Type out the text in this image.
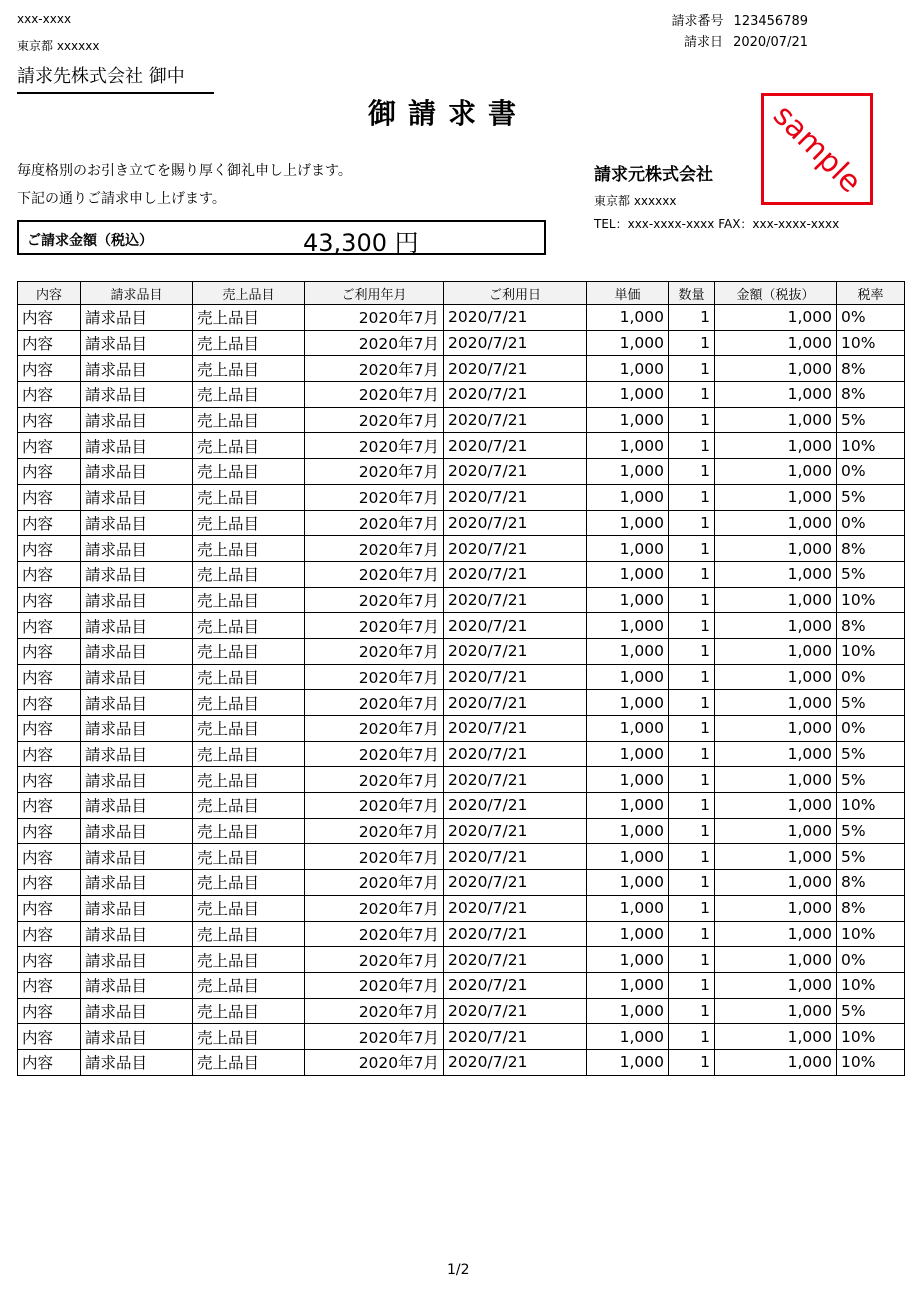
xxx-xxxx
東京都 xxxxxx
請求先株式会社 御中
請求番号 123456789
請求日 2020/07/21
御請求書
毎度格別のお引き立てを賜り厚く御礼申し上げます。
下記の通りご請求申し上げます。
ご請求金額（税込）	43,300 円
請求元株式会社
東京都 xxxxxx
TEL：xxx-xxxx-xxxx FAX：xxx-xxxx-xxxx
sample
内容	請求品目	売上品目	ご利用年月	ご利用日	単価	数量	金額（税抜）	税率
内容	請求品目	売上品目	2020年7月	2020/7/21	1,000	1	1,000	0%
内容	請求品目	売上品目	2020年7月	2020/7/21	1,000	1	1,000	10%
内容	請求品目	売上品目	2020年7月	2020/7/21	1,000	1	1,000	8%
内容	請求品目	売上品目	2020年7月	2020/7/21	1,000	1	1,000	8%
内容	請求品目	売上品目	2020年7月	2020/7/21	1,000	1	1,000	5%
内容	請求品目	売上品目	2020年7月	2020/7/21	1,000	1	1,000	10%
内容	請求品目	売上品目	2020年7月	2020/7/21	1,000	1	1,000	0%
内容	請求品目	売上品目	2020年7月	2020/7/21	1,000	1	1,000	5%
内容	請求品目	売上品目	2020年7月	2020/7/21	1,000	1	1,000	0%
内容	請求品目	売上品目	2020年7月	2020/7/21	1,000	1	1,000	8%
内容	請求品目	売上品目	2020年7月	2020/7/21	1,000	1	1,000	5%
内容	請求品目	売上品目	2020年7月	2020/7/21	1,000	1	1,000	10%
内容	請求品目	売上品目	2020年7月	2020/7/21	1,000	1	1,000	8%
内容	請求品目	売上品目	2020年7月	2020/7/21	1,000	1	1,000	10%
内容	請求品目	売上品目	2020年7月	2020/7/21	1,000	1	1,000	0%
内容	請求品目	売上品目	2020年7月	2020/7/21	1,000	1	1,000	5%
内容	請求品目	売上品目	2020年7月	2020/7/21	1,000	1	1,000	0%
内容	請求品目	売上品目	2020年7月	2020/7/21	1,000	1	1,000	5%
内容	請求品目	売上品目	2020年7月	2020/7/21	1,000	1	1,000	5%
内容	請求品目	売上品目	2020年7月	2020/7/21	1,000	1	1,000	10%
内容	請求品目	売上品目	2020年7月	2020/7/21	1,000	1	1,000	5%
内容	請求品目	売上品目	2020年7月	2020/7/21	1,000	1	1,000	5%
内容	請求品目	売上品目	2020年7月	2020/7/21	1,000	1	1,000	8%
内容	請求品目	売上品目	2020年7月	2020/7/21	1,000	1	1,000	8%
内容	請求品目	売上品目	2020年7月	2020/7/21	1,000	1	1,000	10%
内容	請求品目	売上品目	2020年7月	2020/7/21	1,000	1	1,000	0%
内容	請求品目	売上品目	2020年7月	2020/7/21	1,000	1	1,000	10%
内容	請求品目	売上品目	2020年7月	2020/7/21	1,000	1	1,000	5%
内容	請求品目	売上品目	2020年7月	2020/7/21	1,000	1	1,000	10%
内容	請求品目	売上品目	2020年7月	2020/7/21	1,000	1	1,000	10%
1/2
